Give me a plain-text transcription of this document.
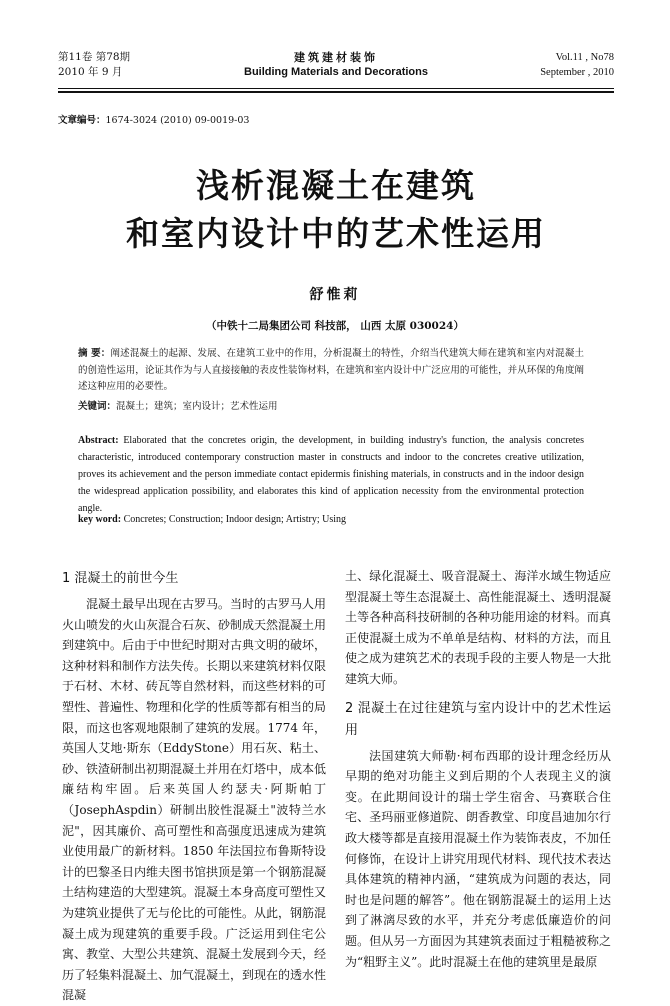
第11卷 第78期
2010 年 9 月
建筑建材装饰
Building Materials and Decorations
Vol.11 , No78
September , 2010
文章编号：1674-3024 (2010) 09-0019-03
浅析混凝土在建筑
和室内设计中的艺术性运用
舒惟莉
（中铁十二局集团公司 科技部， 山西 太原 030024）
摘 要：阐述混凝土的起源、发展、在建筑工业中的作用，分析混凝土的特性，介绍当代建筑大师在建筑和室内对混凝土的创造性运用，论证其作为与人直接接触的表皮性装饰材料，在建筑和室内设计中广泛应用的可能性，并从环保的角度阐述这种应用的必要性。
关键词：混凝土；建筑；室内设计；艺术性运用
Abstract: Elaborated that the concretes origin, the development, in building industry's function, the analysis concretes characteristic, introduced contemporary construction master in constructs and indoor to the concretes creative utilization, proves its achievement and the person immediate contact epidermis finishing materials, in constructs and in the indoor design the widespread application possibility, and elaborates this kind of application necessity from the environmental protection angle.
key word: Concretes; Construction; Indoor design; Artistry; Using
1 混凝土的前世今生

混凝土最早出现在古罗马。当时的古罗马人用火山喷发的火山灰混合石灰、砂制成天然混凝土用到建筑中。后由于中世纪时期对古典文明的破坏，这种材料和制作方法失传。长期以来建筑材料仅限于石材、木材、砖瓦等自然材料，而这些材料的可塑性、普遍性、物理和化学的性质等都有相当的局限，而这也客观地限制了建筑的发展。1774 年，英国人艾地·斯东（EddyStone）用石灰、粘土、砂、铁渣研制出初期混凝土并用在灯塔中，成本低廉结构牢固。后来英国人约瑟夫·阿斯帕丁（JosephAspdin）研制出胶性混凝土"波特兰水泥"，因其廉价、高可塑性和高强度迅速成为建筑业使用最广的新材料。1850 年法国拉布鲁斯特设计的巴黎圣日内维夫图书馆拱顶是第一个钢筋混凝土结构建造的大型建筑。混凝土本身高度可塑性又为建筑业提供了无与伦比的可能性。从此，钢筋混凝土成为现建筑的重要手段。广泛运用到住宅公寓、教堂、大型公共建筑、混凝土发展到今天，经历了轻集料混凝土、加气混凝土，到现在的透水性混凝

土、绿化混凝土、吸音混凝土、海洋水域生物适应型混凝土等生态混凝土、高性能混凝土、透明混凝土等各种高科技研制的各种功能用途的材料。而真正使混凝土成为不单单是结构、材料的方法，而且使之成为建筑艺术的表现手段的主要人物是一大批建筑大师。

2 混凝土在过往建筑与室内设计中的艺术性运用

法国建筑大师勒·柯布西耶的设计理念经历从早期的绝对功能主义到后期的个人表现主义的演变。在此期间设计的瑞士学生宿舍、马赛联合住宅、圣玛丽亚修道院、朗香教堂、印度昌迪加尔行政大楼等都是直接用混凝土作为装饰表皮，不加任何修饰，在设计上讲究用现代材料、现代技术表达具体建筑的精神内涵，“建筑成为问题的表达，同时也是问题的解答”。他在钢筋混凝土的运用上达到了淋漓尽致的水平，并充分考虑低廉造价的问题。但从另一方面因为其建筑表面过于粗糙被称之为“粗野主义”。此时混凝土在他的建筑里是最原
